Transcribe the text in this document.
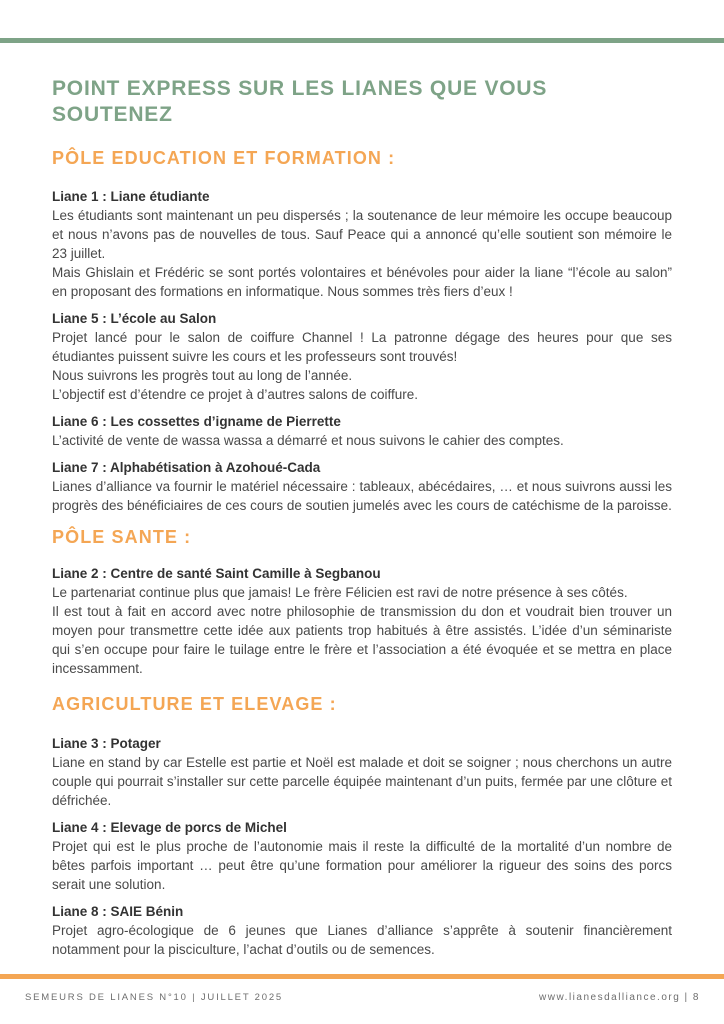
POINT EXPRESS SUR LES LIANES QUE VOUS SOUTENEZ
PÔLE EDUCATION ET FORMATION :
Liane 1 : Liane étudiante

Les étudiants sont maintenant un peu dispersés ; la soutenance de leur mémoire les occupe beaucoup et nous n’avons pas de nouvelles de tous. Sauf Peace qui a annoncé qu’elle soutient son mémoire le 23 juillet.

Mais Ghislain et Frédéric se sont portés volontaires et bénévoles pour aider la liane “l’école au salon” en proposant des formations en informatique. Nous sommes très fiers d’eux !

Liane 5 : L’école au Salon

Projet lancé pour le salon de coiffure Channel ! La patronne dégage des heures pour que ses étudiantes puissent suivre les cours et les professeurs sont trouvés!

Nous suivrons les progrès tout au long de l’année.

L’objectif est d’étendre ce projet à d’autres salons de coiffure.

Liane 6 : Les cossettes d’igname de Pierrette

L’activité de vente de wassa wassa a démarré et nous suivons le cahier des comptes.

Liane 7 : Alphabétisation à Azohoué-Cada

Lianes d’alliance va fournir le matériel nécessaire : tableaux, abécédaires, … et nous suivrons aussi les progrès des bénéficiaires de ces cours de soutien jumelés avec les cours de catéchisme de la paroisse.

PÔLE SANTE :
Liane 2 : Centre de santé Saint Camille à Segbanou

Le partenariat continue plus que jamais! Le frère Félicien est ravi de notre présence à ses côtés.

Il est tout à fait en accord avec notre philosophie de transmission du don et voudrait bien trouver un moyen pour transmettre cette idée aux patients trop habitués à être assistés. L’idée d’un séminariste qui s’en occupe pour faire le tuilage entre le frère et l’association a été évoquée et se mettra en place incessamment.

AGRICULTURE ET ELEVAGE :
Liane 3 : Potager

Liane en stand by car Estelle est partie et Noël est malade et doit se soigner ; nous cherchons un autre couple qui pourrait s’installer sur cette parcelle équipée maintenant d’un puits, fermée par une clôture et défrichée.

Liane 4 : Elevage de porcs de Michel

Projet qui est le plus proche de l’autonomie mais il reste la difficulté de la mortalité d’un nombre de bêtes parfois important … peut être qu’une formation pour améliorer la rigueur des soins des porcs serait une solution.

Liane 8 : SAIE Bénin

Projet agro-écologique de 6 jeunes que Lianes d’alliance s’apprête à soutenir financièrement notamment pour la pisciculture, l’achat d’outils ou de semences.

SEMEURS DE LIANES N°10 | JUILLET 2025	www.lianesdalliance.org | 8
